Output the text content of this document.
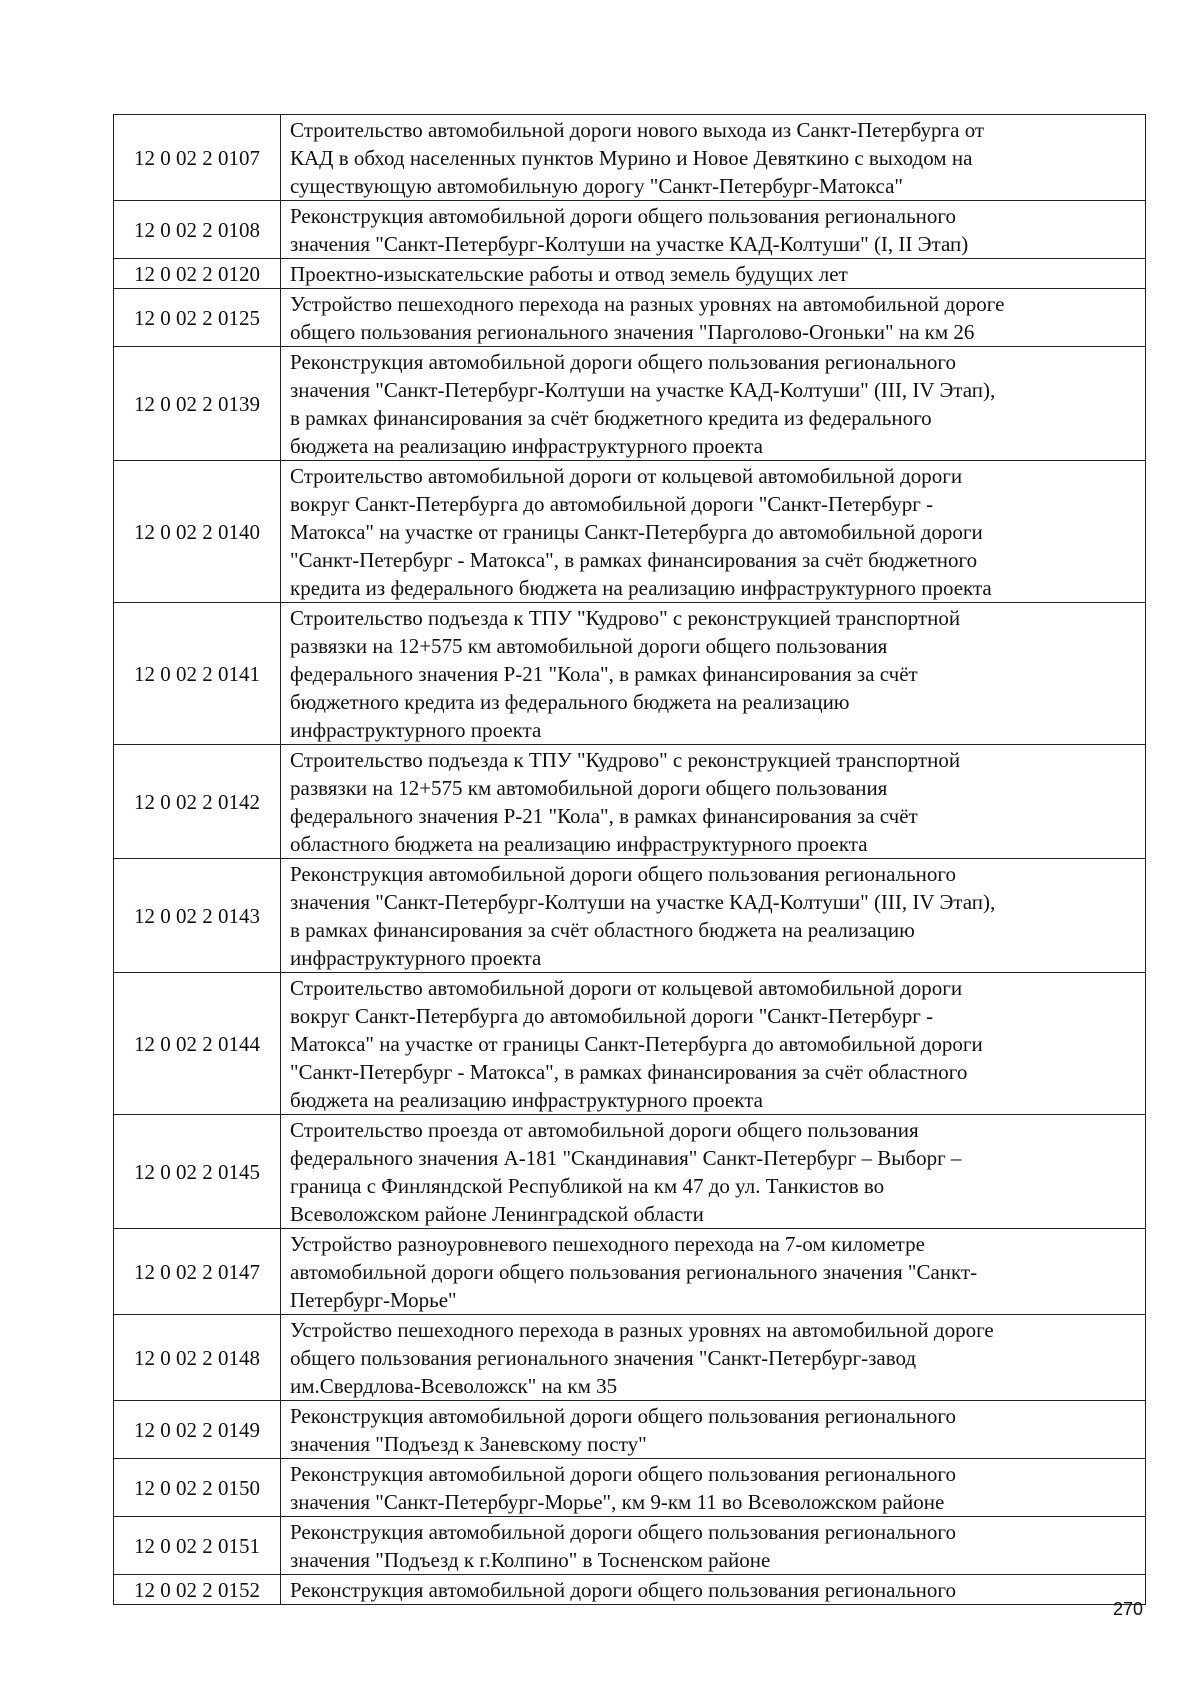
12 0 02 2 0107	Строительство автомобильной дороги нового выхода из Санкт-Петербурга от
КАД в обход населенных пунктов Мурино и Новое Девяткино с выходом на
существующую автомобильную дорогу "Санкт-Петербург-Матокса"

12 0 02 2 0108	Реконструкция автомобильной дороги общего пользования регионального
значения "Санкт-Петербург-Колтуши на участке КАД-Колтуши" (I, II Этап)

12 0 02 2 0120	Проектно-изыскательские работы и отвод земель будущих лет

12 0 02 2 0125	Устройство пешеходного перехода на разных уровнях на автомобильной дороге
общего пользования регионального значения "Парголово-Огоньки" на км 26

12 0 02 2 0139	Реконструкция автомобильной дороги общего пользования регионального
значения "Санкт-Петербург-Колтуши на участке КАД-Колтуши" (III, IV Этап),
в рамках финансирования за счёт бюджетного кредита из федерального
бюджета на реализацию инфраструктурного проекта

12 0 02 2 0140	Строительство автомобильной дороги от кольцевой автомобильной дороги
вокруг Санкт-Петербурга до автомобильной дороги "Санкт-Петербург -
Матокса" на участке от границы Санкт-Петербурга до автомобильной дороги
"Санкт-Петербург - Матокса", в рамках финансирования за счёт бюджетного
кредита из федерального бюджета на реализацию инфраструктурного проекта

12 0 02 2 0141	Строительство подъезда к ТПУ "Кудрово" с реконструкцией транспортной
развязки на 12+575 км автомобильной дороги общего пользования
федерального значения Р-21 "Кола", в рамках финансирования за счёт
бюджетного кредита из федерального бюджета на реализацию
инфраструктурного проекта

12 0 02 2 0142	Строительство подъезда к ТПУ "Кудрово" с реконструкцией транспортной
развязки на 12+575 км автомобильной дороги общего пользования
федерального значения Р-21 "Кола", в рамках финансирования за счёт
областного бюджета на реализацию инфраструктурного проекта

12 0 02 2 0143	Реконструкция автомобильной дороги общего пользования регионального
значения "Санкт-Петербург-Колтуши на участке КАД-Колтуши" (III, IV Этап),
в рамках финансирования за счёт областного бюджета на реализацию
инфраструктурного проекта

12 0 02 2 0144	Строительство автомобильной дороги от кольцевой автомобильной дороги
вокруг Санкт-Петербурга до автомобильной дороги "Санкт-Петербург -
Матокса" на участке от границы Санкт-Петербурга до автомобильной дороги
"Санкт-Петербург - Матокса", в рамках финансирования за счёт областного
бюджета на реализацию инфраструктурного проекта

12 0 02 2 0145	Строительство проезда от автомобильной дороги общего пользования
федерального значения А-181 "Скандинавия" Санкт-Петербург – Выборг –
граница с Финляндской Республикой на км 47 до ул. Танкистов во
Всеволожском районе Ленинградской области

12 0 02 2 0147	Устройство разноуровневого пешеходного перехода на 7-ом километре
автомобильной дороги общего пользования регионального значения "Санкт-
Петербург-Морье"

12 0 02 2 0148	Устройство пешеходного перехода в разных уровнях на автомобильной дороге
общего пользования регионального значения "Санкт-Петербург-завод
им.Свердлова-Всеволожск" на км 35

12 0 02 2 0149	Реконструкция автомобильной дороги общего пользования регионального
значения "Подъезд к Заневскому посту"

12 0 02 2 0150	Реконструкция автомобильной дороги общего пользования регионального
значения "Санкт-Петербург-Морье", км 9-км 11 во Всеволожском районе

12 0 02 2 0151	Реконструкция автомобильной дороги общего пользования регионального
значения "Подъезд к г.Колпино" в Тосненском районе

12 0 02 2 0152	Реконструкция автомобильной дороги общего пользования регионального
270
